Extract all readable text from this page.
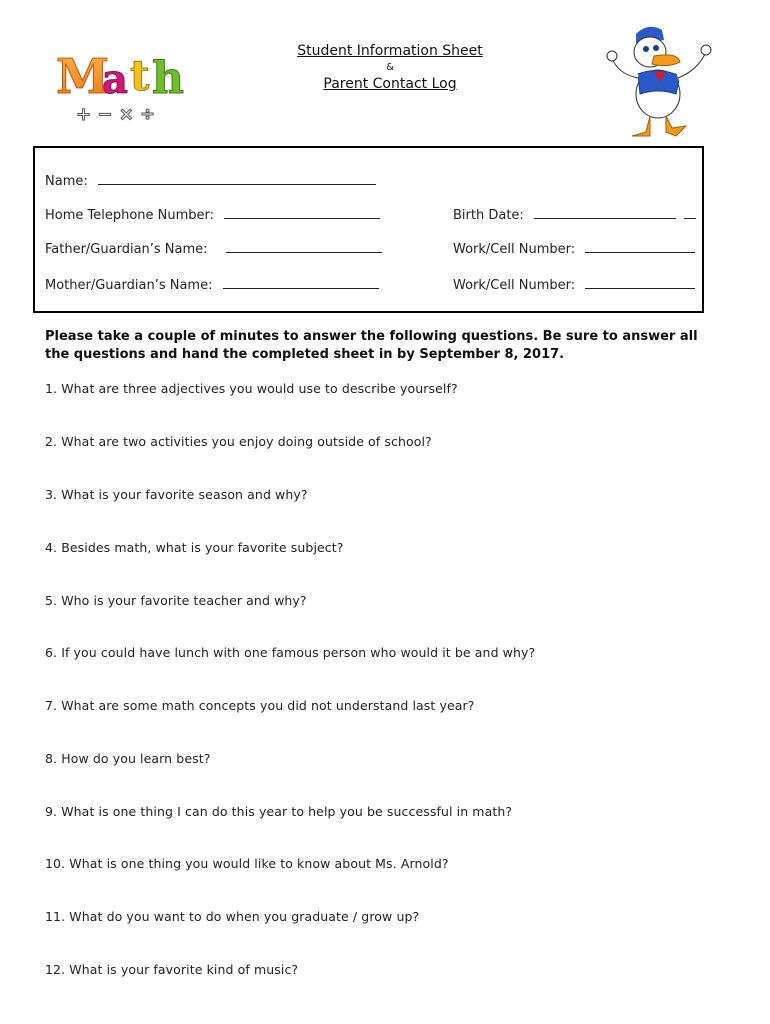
M
a t h
+ − × ÷
Student Information Sheet
&
Parent Contact Log
Name:
Home Telephone Number:	Birth Date:
Father/Guardian’s Name:	Work/Cell Number:
Mother/Guardian’s Name:	Work/Cell Number:
Please take a couple of minutes to answer the following questions. Be sure to answer all the questions and hand the completed sheet in by September 8, 2017.
1. What are three adjectives you would use to describe yourself?
2. What are two activities you enjoy doing outside of school?
3. What is your favorite season and why?
4. Besides math, what is your favorite subject?
5. Who is your favorite teacher and why?
6. If you could have lunch with one famous person who would it be and why?
7. What are some math concepts you did not understand last year?
8. How do you learn best?
9. What is one thing I can do this year to help you be successful in math?
10. What is one thing you would like to know about Ms. Arnold?
11. What do you want to do when you graduate / grow up?
12. What is your favorite kind of music?
